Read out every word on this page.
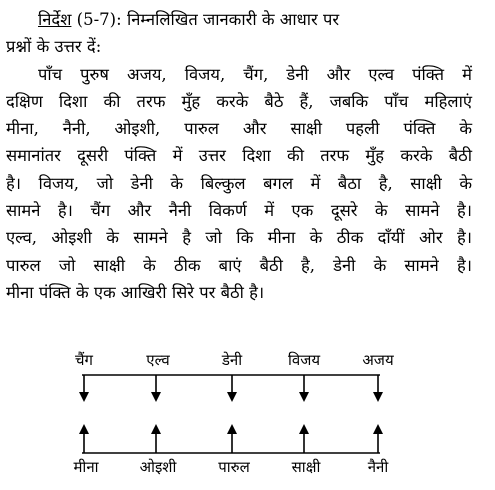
निर्देश (5-7): निम्नलिखित जानकारी के आधार पर
प्रश्नों के उत्तर दें:
पाँच पुरुष अजय, विजय, चैंग, डेनी और एल्व पंक्ति में
दक्षिण दिशा की तरफ मुँह करके बैठे हैं, जबकि पाँच महिलाएं
मीना, नैनी, ओइशी, पारुल और साक्षी पहली पंक्ति के
समानांतर दूसरी पंक्ति में उत्तर दिशा की तरफ मुँह करके बैठी
है। विजय, जो डेनी के बिल्कुल बगल में बैठा है, साक्षी के
सामने है। चैंग और नैनी विकर्ण में एक दूसरे के सामने है।
एल्व, ओइशी के सामने है जो कि मीना के ठीक दाँयीं ओर है।
पारुल जो साक्षी के ठीक बाएं बैठी है, डेनी के सामने है।
मीना पंक्ति के एक आखिरी सिरे पर बैठी है।
चैंग	एल्व	डेनी	विजय	अजय
मीना	ओइशी	पारुल	साक्षी	नैनी
